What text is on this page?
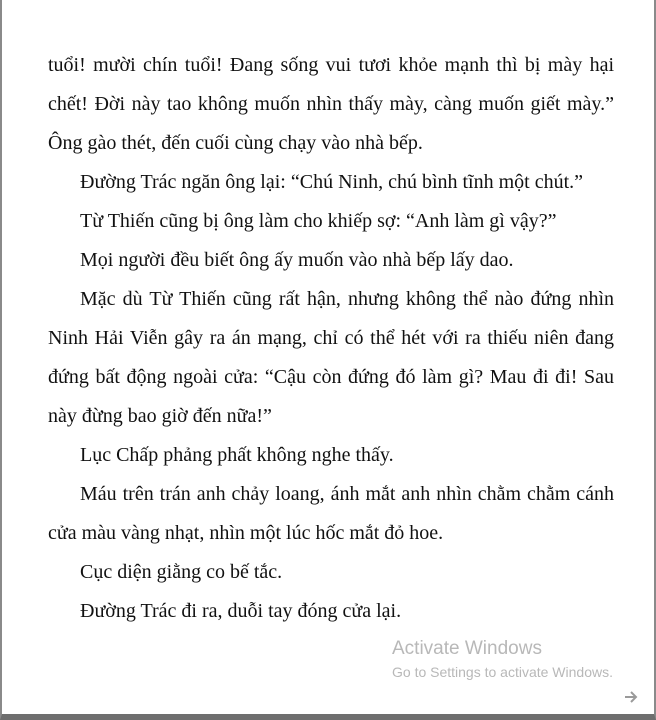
tuổi! mười chín tuổi! Đang sống vui tươi khỏe mạnh thì bị mày hại chết! Đời này tao không muốn nhìn thấy mày, càng muốn giết mày.” Ông gào thét, đến cuối cùng chạy vào nhà bếp.

Đường Trác ngăn ông lại: “Chú Ninh, chú bình tĩnh một chút.”

Từ Thiến cũng bị ông làm cho khiếp sợ: “Anh làm gì vậy?”

Mọi người đều biết ông ấy muốn vào nhà bếp lấy dao.

Mặc dù Từ Thiến cũng rất hận, nhưng không thể nào đứng nhìn Ninh Hải Viễn gây ra án mạng, chỉ có thể hét với ra thiếu niên đang đứng bất động ngoài cửa: “Cậu còn đứng đó làm gì? Mau đi đi! Sau này đừng bao giờ đến nữa!”

Lục Chấp phảng phất không nghe thấy.

Máu trên trán anh chảy loang, ánh mắt anh nhìn chằm chằm cánh cửa màu vàng nhạt, nhìn một lúc hốc mắt đỏ hoe.

Cục diện giằng co bế tắc.

Đường Trác đi ra, duỗi tay đóng cửa lại.

Activate Windows
Go to Settings to activate Windows.
